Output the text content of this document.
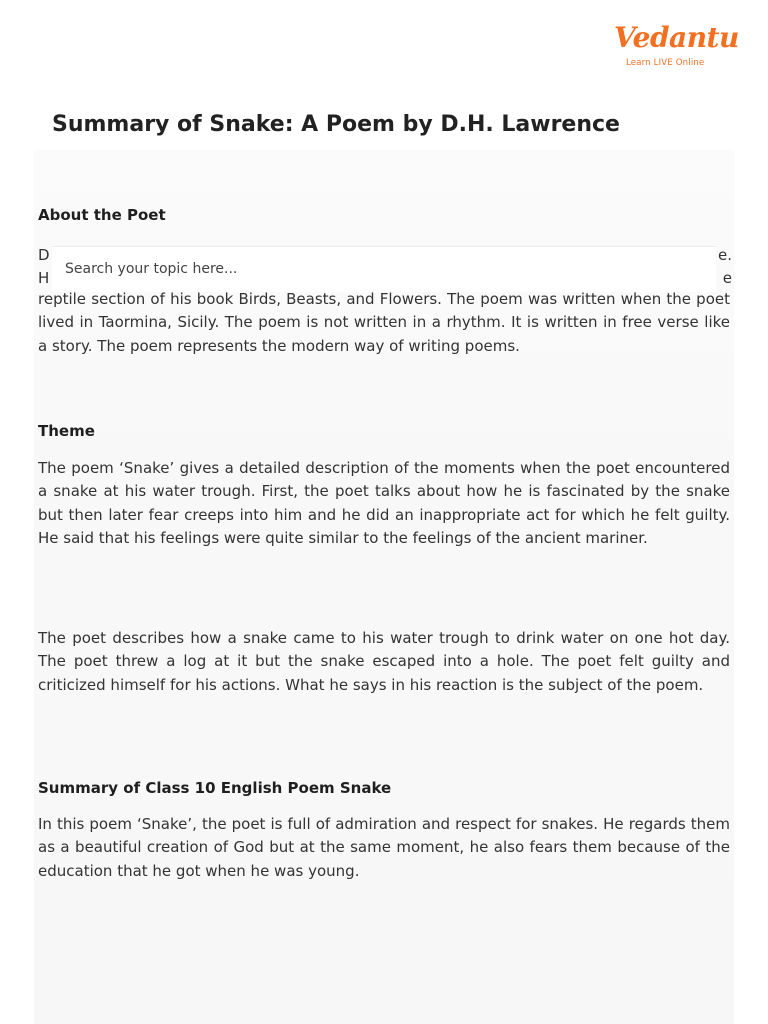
Vedantu
Learn LIVE Online
Summary of Snake: A Poem by D.H. Lawrence
About the Poet
D
H
e.
e
Search your topic here...

reptile section of his book Birds, Beasts, and Flowers. The poem was written when the poet lived in Taormina, Sicily. The poem is not written in a rhythm. It is written in free verse like a story. The poem represents the modern way of writing poems.

Theme

The poem ‘Snake’ gives a detailed description of the moments when the poet encountered a snake at his water trough. First, the poet talks about how he is fascinated by the snake but then later fear creeps into him and he did an inappropriate act for which he felt guilty. He said that his feelings were quite similar to the feelings of the ancient mariner.

The poet describes how a snake came to his water trough to drink water on one hot day. The poet threw a log at it but the snake escaped into a hole. The poet felt guilty and criticized himself for his actions. What he says in his reaction is the subject of the poem.

Summary of Class 10 English Poem Snake

In this poem ‘Snake’, the poet is full of admiration and respect for snakes. He regards them as a beautiful creation of God but at the same moment, he also fears them because of the education that he got when he was young.
